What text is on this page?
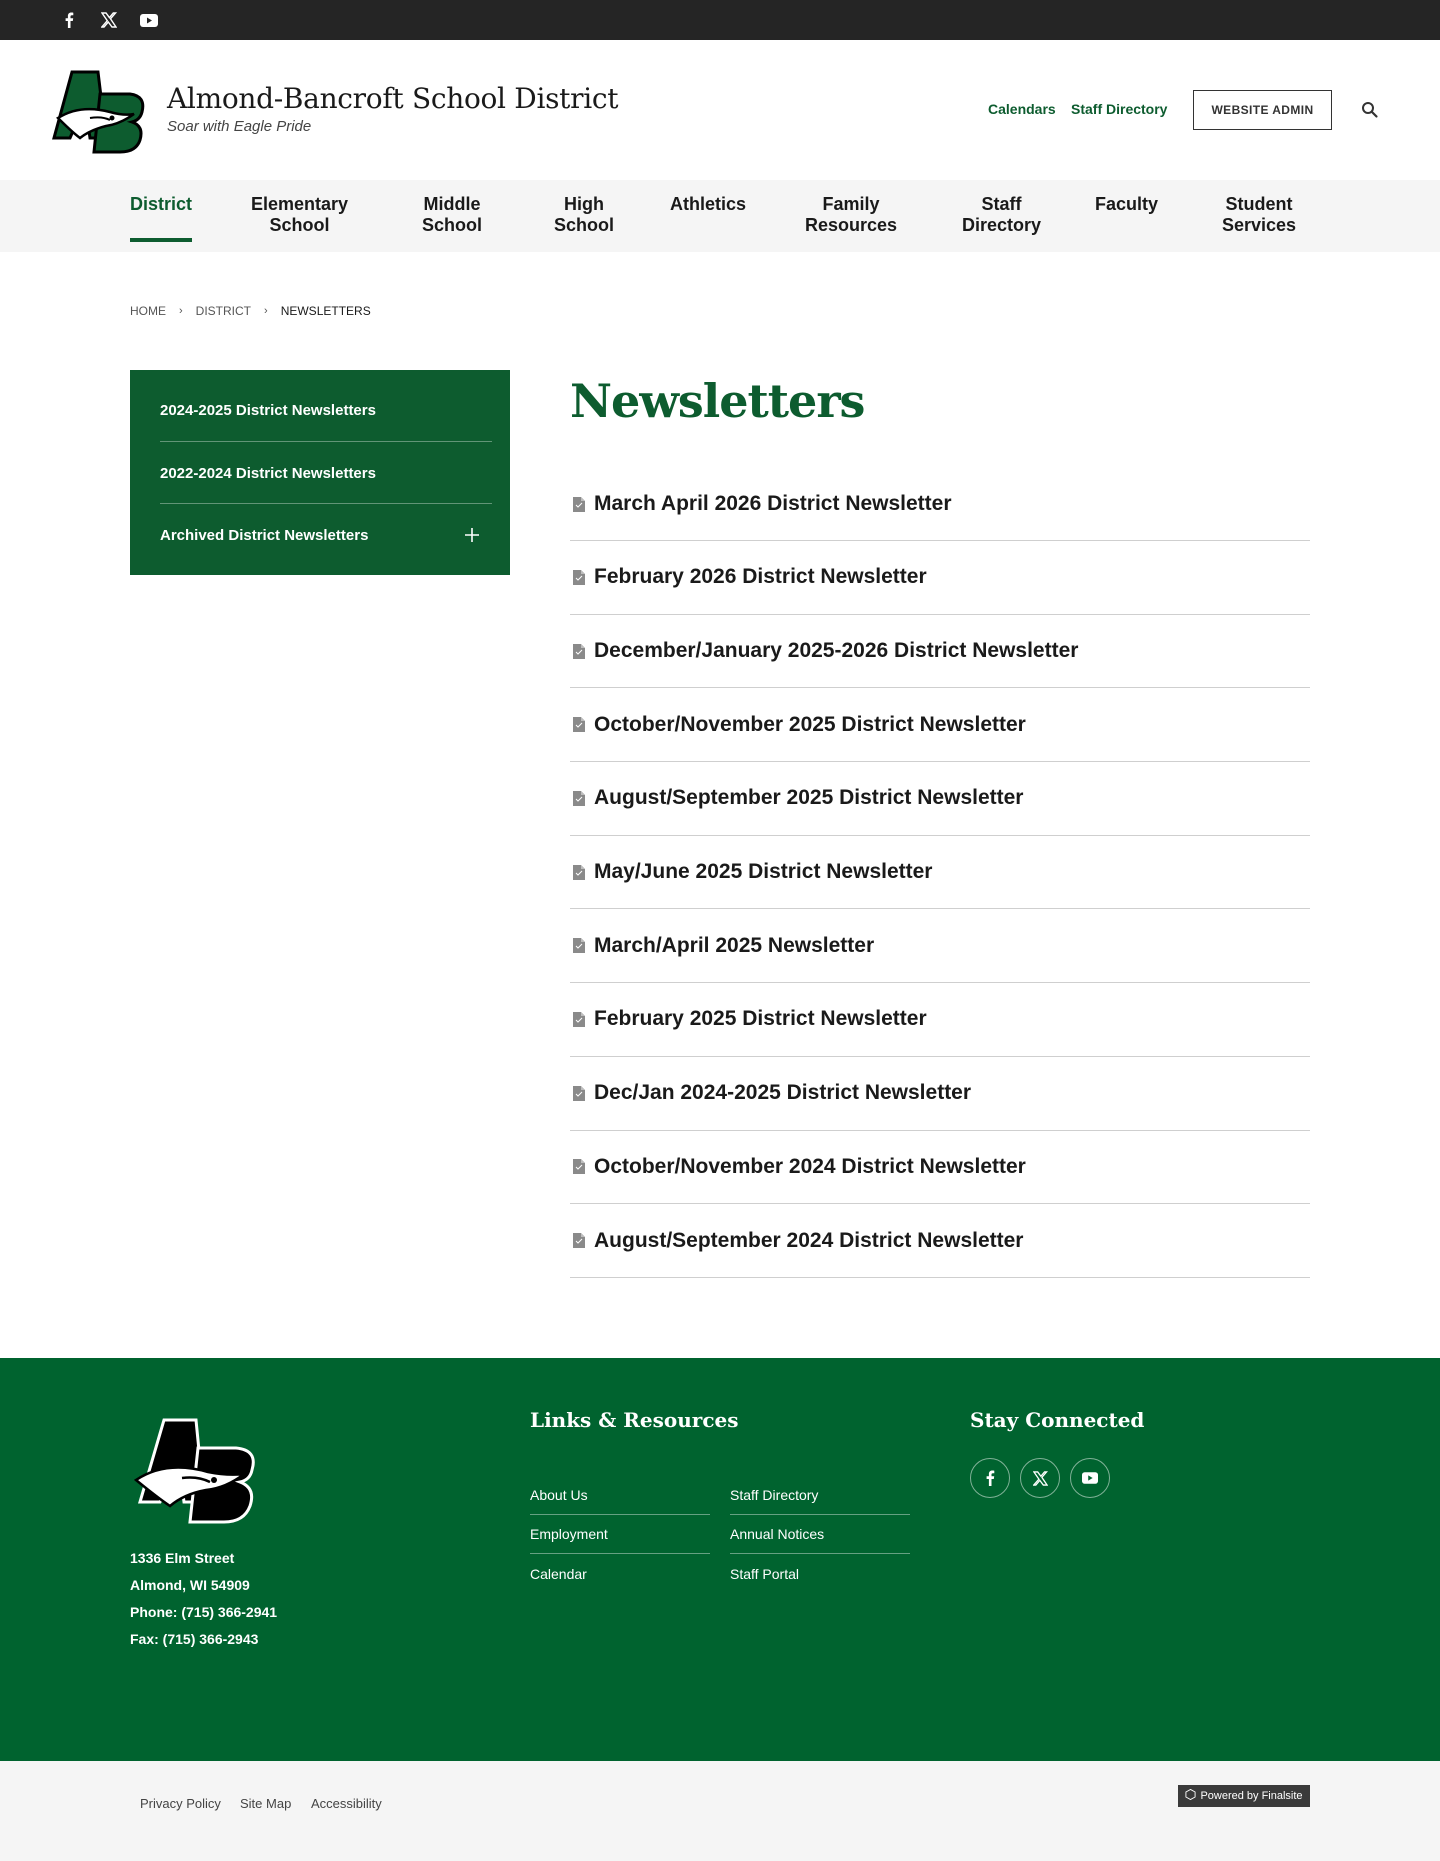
Almond-Bancroft School District
Soar with Eagle Pride
Calendars Staff Directory	WEBSITE ADMIN
District	Elementary
School
Middle
School
High
School
Athletics	Family
Resources
Staff
Directory
Faculty	Student
Services
HOME › DISTRICT › NEWSLETTERS
2024-2025 District Newsletters
2022-2024 District Newsletters
Archived District Newsletters
Newsletters
March April 2026 District Newsletter
February 2026 District Newsletter
December/January 2025-2026 District Newsletter
October/November 2025 District Newsletter
August/September 2025 District Newsletter
May/June 2025 District Newsletter
March/April 2025 Newsletter
February 2025 District Newsletter
Dec/Jan 2024-2025 District Newsletter
October/November 2024 District Newsletter
August/September 2024 District Newsletter
1336 Elm Street
Almond, WI 54909
Phone: (715) 366-2941
Fax: (715) 366-2943
Links & Resources
About Us
Employment
Calendar
Staff Directory
Annual Notices
Staff Portal
Stay Connected
Privacy Policy Site Map Accessibility	Powered by Finalsite
